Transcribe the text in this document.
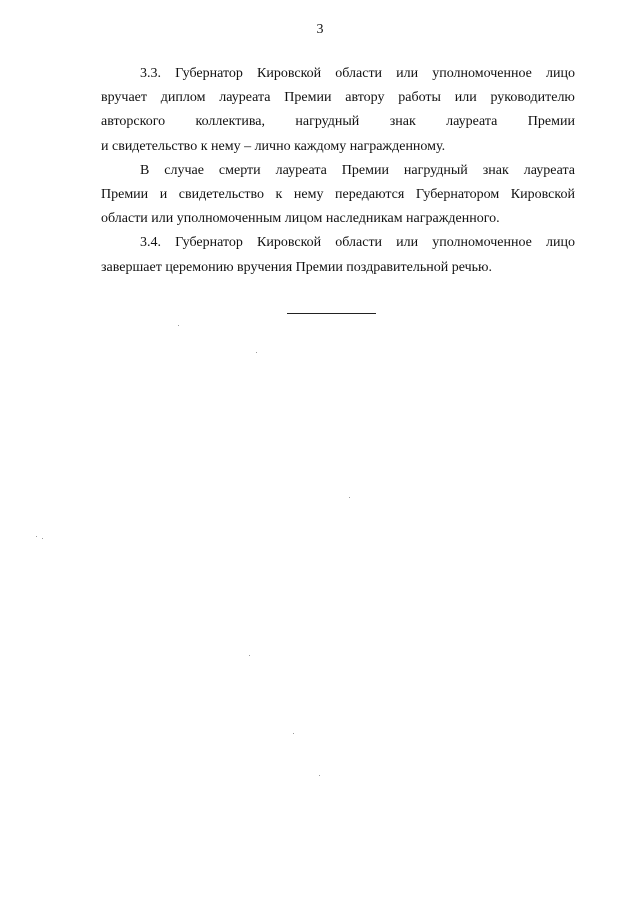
3
3.3. Губернатор Кировской области или уполномоченное лицо
вручает диплом лауреата Премии автору работы или руководителю
авторского коллектива, нагрудный знак лауреата Премии
и свидетельство к нему – лично каждому награжденному.
В случае смерти лауреата Премии нагрудный знак лауреата
Премии и свидетельство к нему передаются Губернатором Кировской
области или уполномоченным лицом наследникам награжденного.
3.4. Губернатор Кировской области или уполномоченное лицо
завершает церемонию вручения Премии поздравительной речью.
